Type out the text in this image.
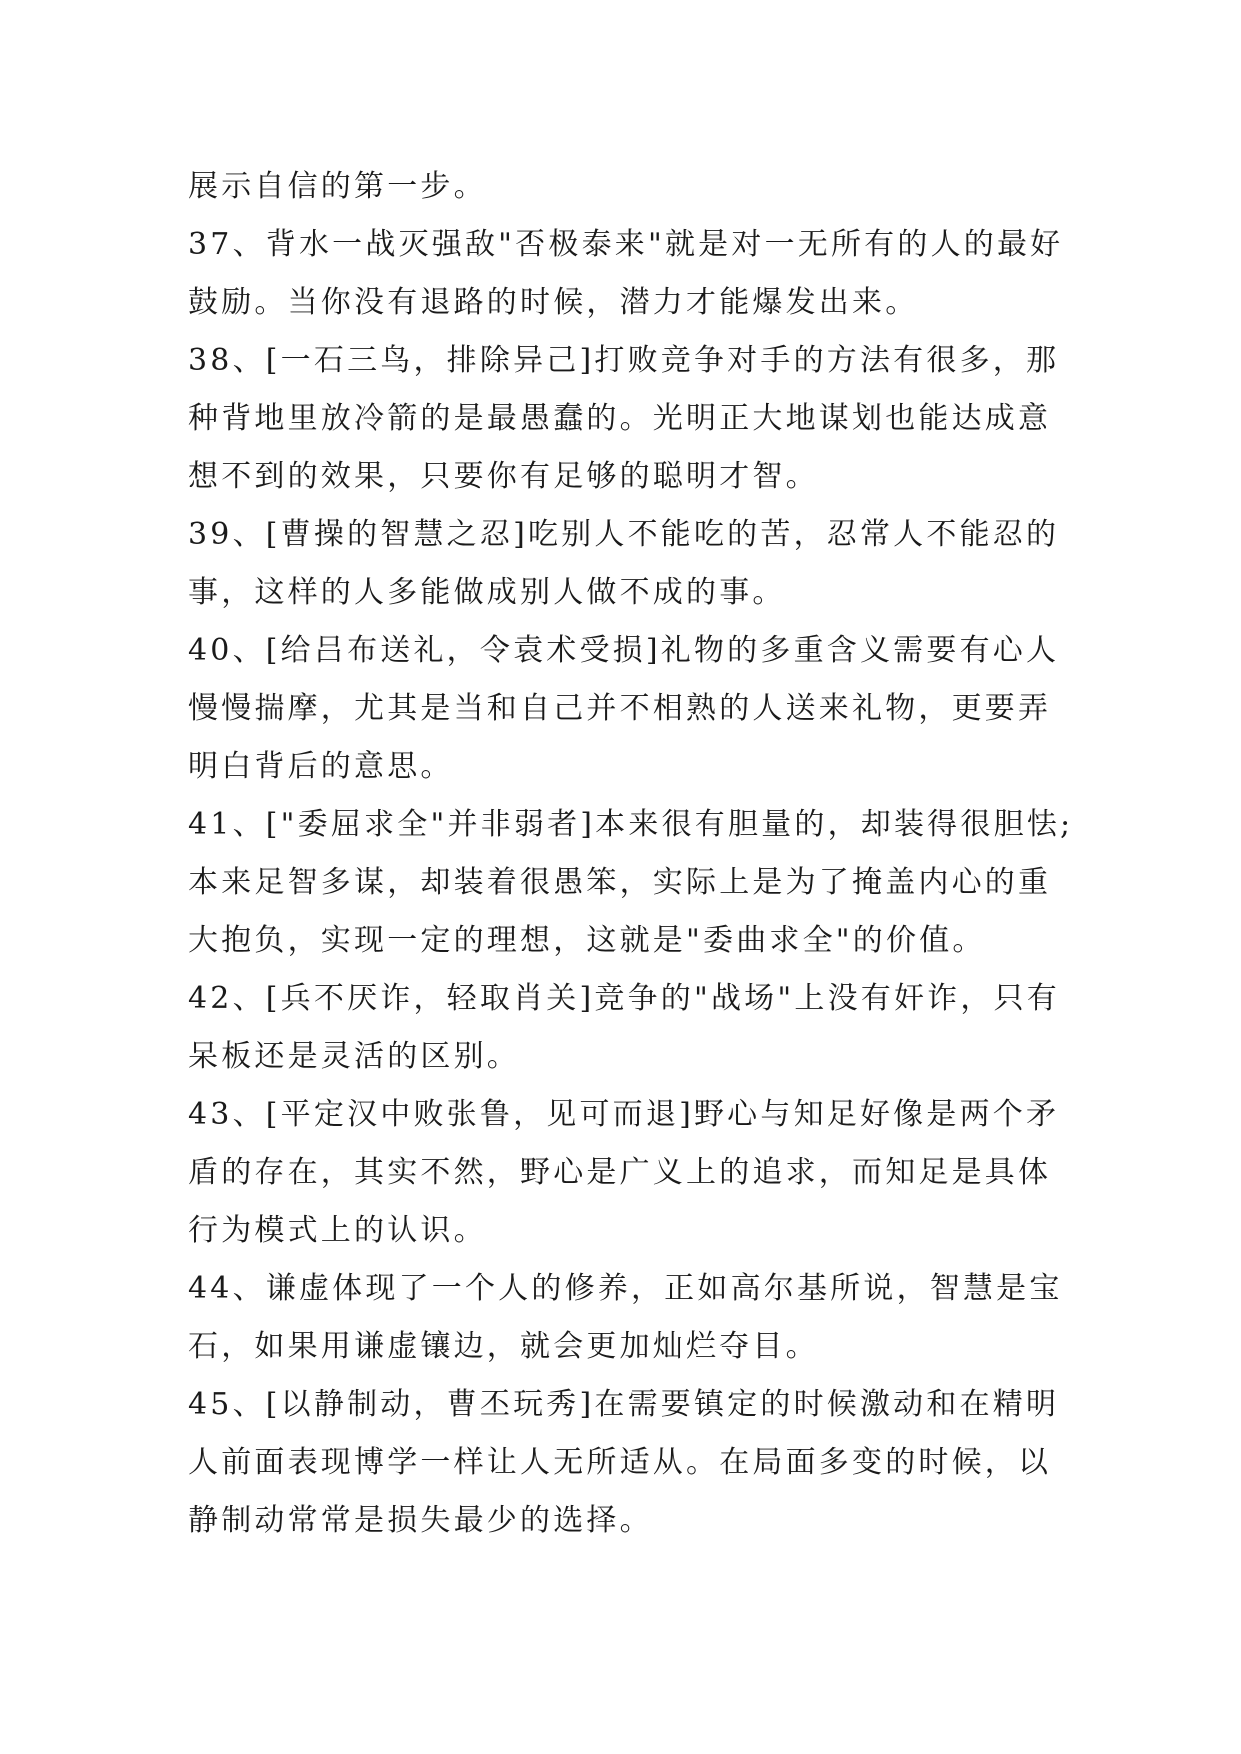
展示自信的第一步。
37、背水一战灭强敌"否极泰来"就是对一无所有的人的最好
鼓励。当你没有退路的时候，潜力才能爆发出来。
38、[一石三鸟，排除异己]打败竞争对手的方法有很多，那
种背地里放冷箭的是最愚蠢的。光明正大地谋划也能达成意
想不到的效果，只要你有足够的聪明才智。
39、[曹操的智慧之忍]吃别人不能吃的苦，忍常人不能忍的
事，这样的人多能做成别人做不成的事。
40、[给吕布送礼，令袁术受损]礼物的多重含义需要有心人
慢慢揣摩，尤其是当和自己并不相熟的人送来礼物，更要弄
明白背后的意思。
41、["委屈求全"并非弱者]本来很有胆量的，却装得很胆怯;
本来足智多谋，却装着很愚笨，实际上是为了掩盖内心的重
大抱负，实现一定的理想，这就是"委曲求全"的价值。
42、[兵不厌诈，轻取肖关]竞争的"战场"上没有奸诈，只有
呆板还是灵活的区别。
43、[平定汉中败张鲁，见可而退]野心与知足好像是两个矛
盾的存在，其实不然，野心是广义上的追求，而知足是具体
行为模式上的认识。
44、谦虚体现了一个人的修养，正如高尔基所说，智慧是宝
石，如果用谦虚镶边，就会更加灿烂夺目。
45、[以静制动，曹丕玩秀]在需要镇定的时候激动和在精明
人前面表现博学一样让人无所适从。在局面多变的时候，以
静制动常常是损失最少的选择。
